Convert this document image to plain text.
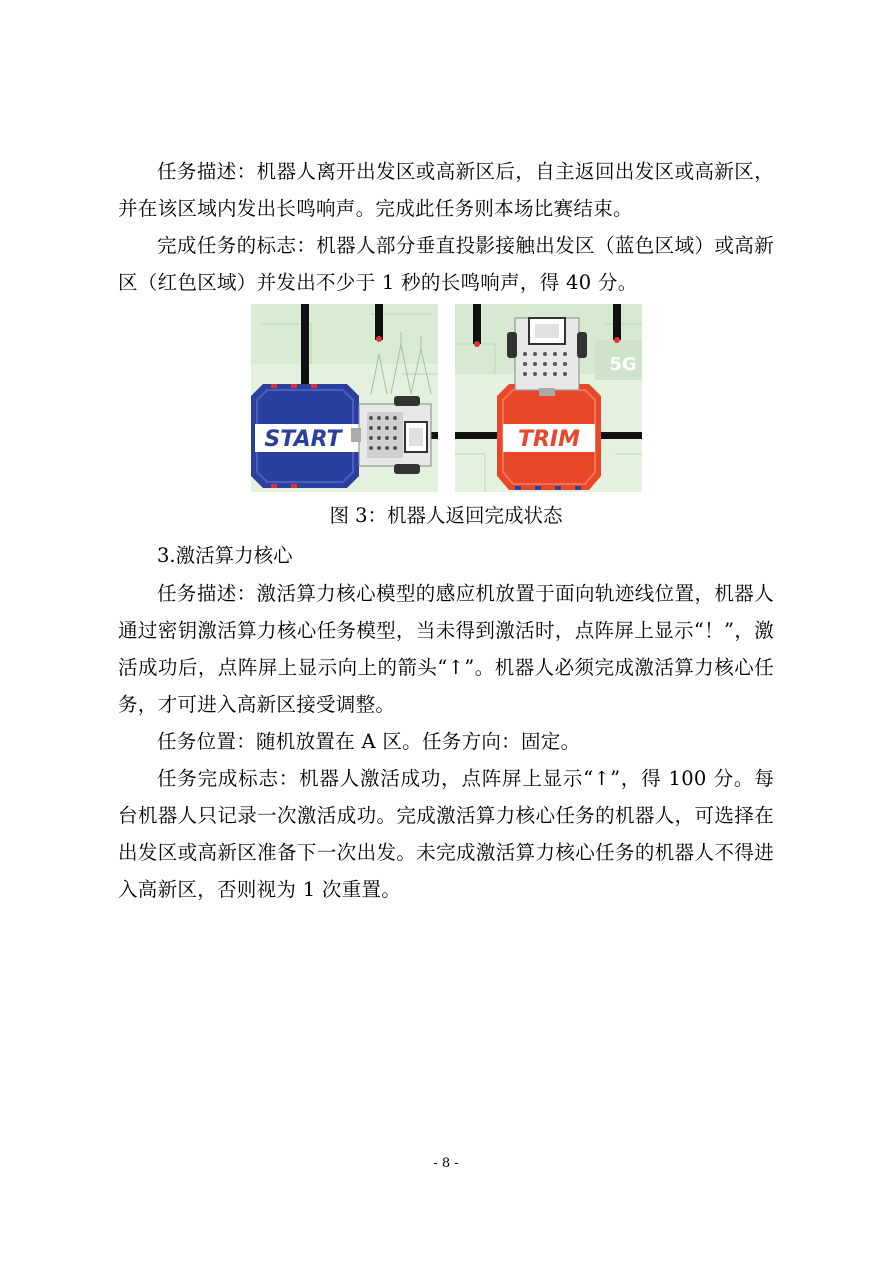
任务描述：机器人离开出发区或高新区后，自主返回出发区或高新区，并在该区域内发出长鸣响声。完成此任务则本场比赛结束。

完成任务的标志：机器人部分垂直投影接触出发区（蓝色区域）或高新区（红色区域）并发出不少于 1 秒的长鸣响声，得 40 分。

START
5G
TRIM
图 3：机器人返回完成状态

3.激活算力核心

任务描述：激活算力核心模型的感应机放置于面向轨迹线位置，机器人通过密钥激活算力核心任务模型，当未得到激活时，点阵屏上显示“！”，激活成功后，点阵屏上显示向上的箭头“↑”。机器人必须完成激活算力核心任务，才可进入高新区接受调整。

任务位置：随机放置在 A 区。任务方向：固定。

任务完成标志：机器人激活成功，点阵屏上显示“↑”，得 100 分。每台机器人只记录一次激活成功。完成激活算力核心任务的机器人，可选择在出发区或高新区准备下一次出发。未完成激活算力核心任务的机器人不得进入高新区，否则视为 1 次重置。

- 8 -
